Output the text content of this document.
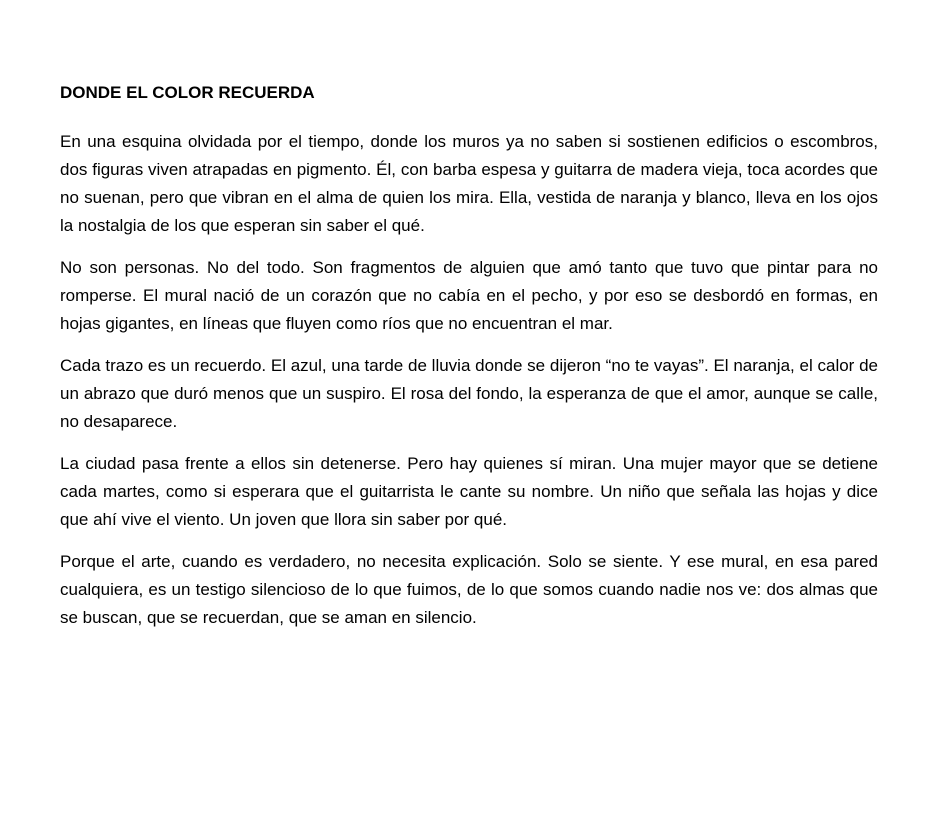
DONDE EL COLOR RECUERDA

En una esquina olvidada por el tiempo, donde los muros ya no saben si sostienen edificios o escombros, dos figuras viven atrapadas en pigmento. Él, con barba espesa y guitarra de madera vieja, toca acordes que no suenan, pero que vibran en el alma de quien los mira. Ella, vestida de naranja y blanco, lleva en los ojos la nostalgia de los que esperan sin saber el qué.

No son personas. No del todo. Son fragmentos de alguien que amó tanto que tuvo que pintar para no romperse. El mural nació de un corazón que no cabía en el pecho, y por eso se desbordó en formas, en hojas gigantes, en líneas que fluyen como ríos que no encuentran el mar.

Cada trazo es un recuerdo. El azul, una tarde de lluvia donde se dijeron “no te vayas”. El naranja, el calor de un abrazo que duró menos que un suspiro. El rosa del fondo, la esperanza de que el amor, aunque se calle, no desaparece.

La ciudad pasa frente a ellos sin detenerse. Pero hay quienes sí miran. Una mujer mayor que se detiene cada martes, como si esperara que el guitarrista le cante su nombre. Un niño que señala las hojas y dice que ahí vive el viento. Un joven que llora sin saber por qué.

Porque el arte, cuando es verdadero, no necesita explicación. Solo se siente. Y ese mural, en esa pared cualquiera, es un testigo silencioso de lo que fuimos, de lo que somos cuando nadie nos ve: dos almas que se buscan, que se recuerdan, que se aman en silencio.
